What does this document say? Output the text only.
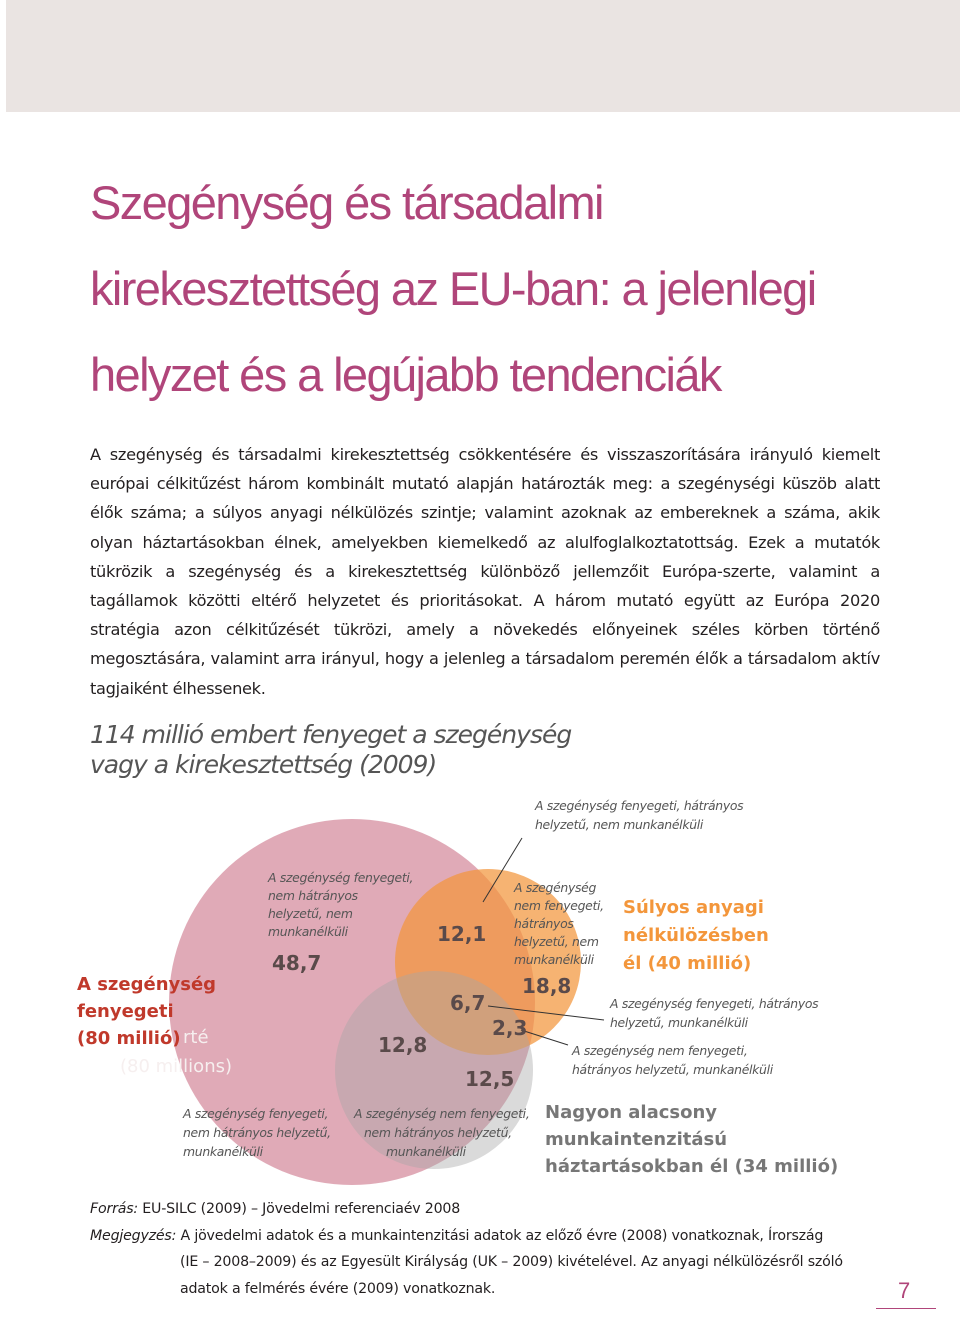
Szegénység és társadalmi
kirekesztettség az EU-ban: a jelenlegi
helyzet és a legújabb tendenciák

A szegénység és társadalmi kirekesztettség csökkentésére és visszaszorítására irányuló kiemelt európai célkitűzést három kombinált mutató alapján határozták meg: a szegénységi küszöb alatt élők száma; a súlyos anyagi nélkülözés szintje; valamint azoknak az embereknek a száma, akik olyan háztartásokban élnek, amelyekben kiemelkedő az alulfoglalkoztatottság. Ezek a mutatók tükrözik a szegénység és a kirekesztettség különböző jellemzőit Európa-szerte, valamint a tagállamok közötti eltérő helyzetet és prioritásokat. A három mutató együtt az Európa 2020 stratégia azon célkitűzését tükrözi, amely a növekedés előnyeinek széles körben történő megosztására, valamint arra irányul, hogy a jelenleg a társadalom peremén élők a társadalom aktív tagjaiként élhessenek.

114 millió embert fenyeget a szegénység
vagy a kirekesztettség (2009)
A szegénység fenyegeti (80 millió) rté (80 millions)
Súlyos anyagi nélkülözésben él (40 millió)
Nagyon alacsony munkaintenzitású háztartásokban él (34 millió)
48,7
12,1
18,8
6,7
12,8
2,3
12,5
A szegénység fenyegeti, hátrányos helyzetű, nem munkanélküli
A szegénység fenyegeti, nem hátrányos helyzetű, nem munkanélküli
A szegénység nem fenyegeti, hátrányos helyzetű, nem munkanélküli
A szegénység fenyegeti, hátrányos helyzetű, munkanélküli
A szegénység nem fenyegeti, hátrányos helyzetű, munkanélküli
A szegénység fenyegeti, nem hátrányos helyzetű, munkanélküli
A szegénység nem fenyegeti, nem hátrányos helyzetű, munkanélküli
Forrás: EU-SILC (2009) – Jövedelmi referenciaév 2008
Megjegyzés: A jövedelmi adatok és a munkaintenzitási adatok az előző évre (2008) vonatkoznak, Írország
(IE – 2008–2009) és az Egyesült Királyság (UK – 2009) kivételével. Az anyagi nélkülözésről szóló
adatok a felmérés évére (2009) vonatkoznak.	7
